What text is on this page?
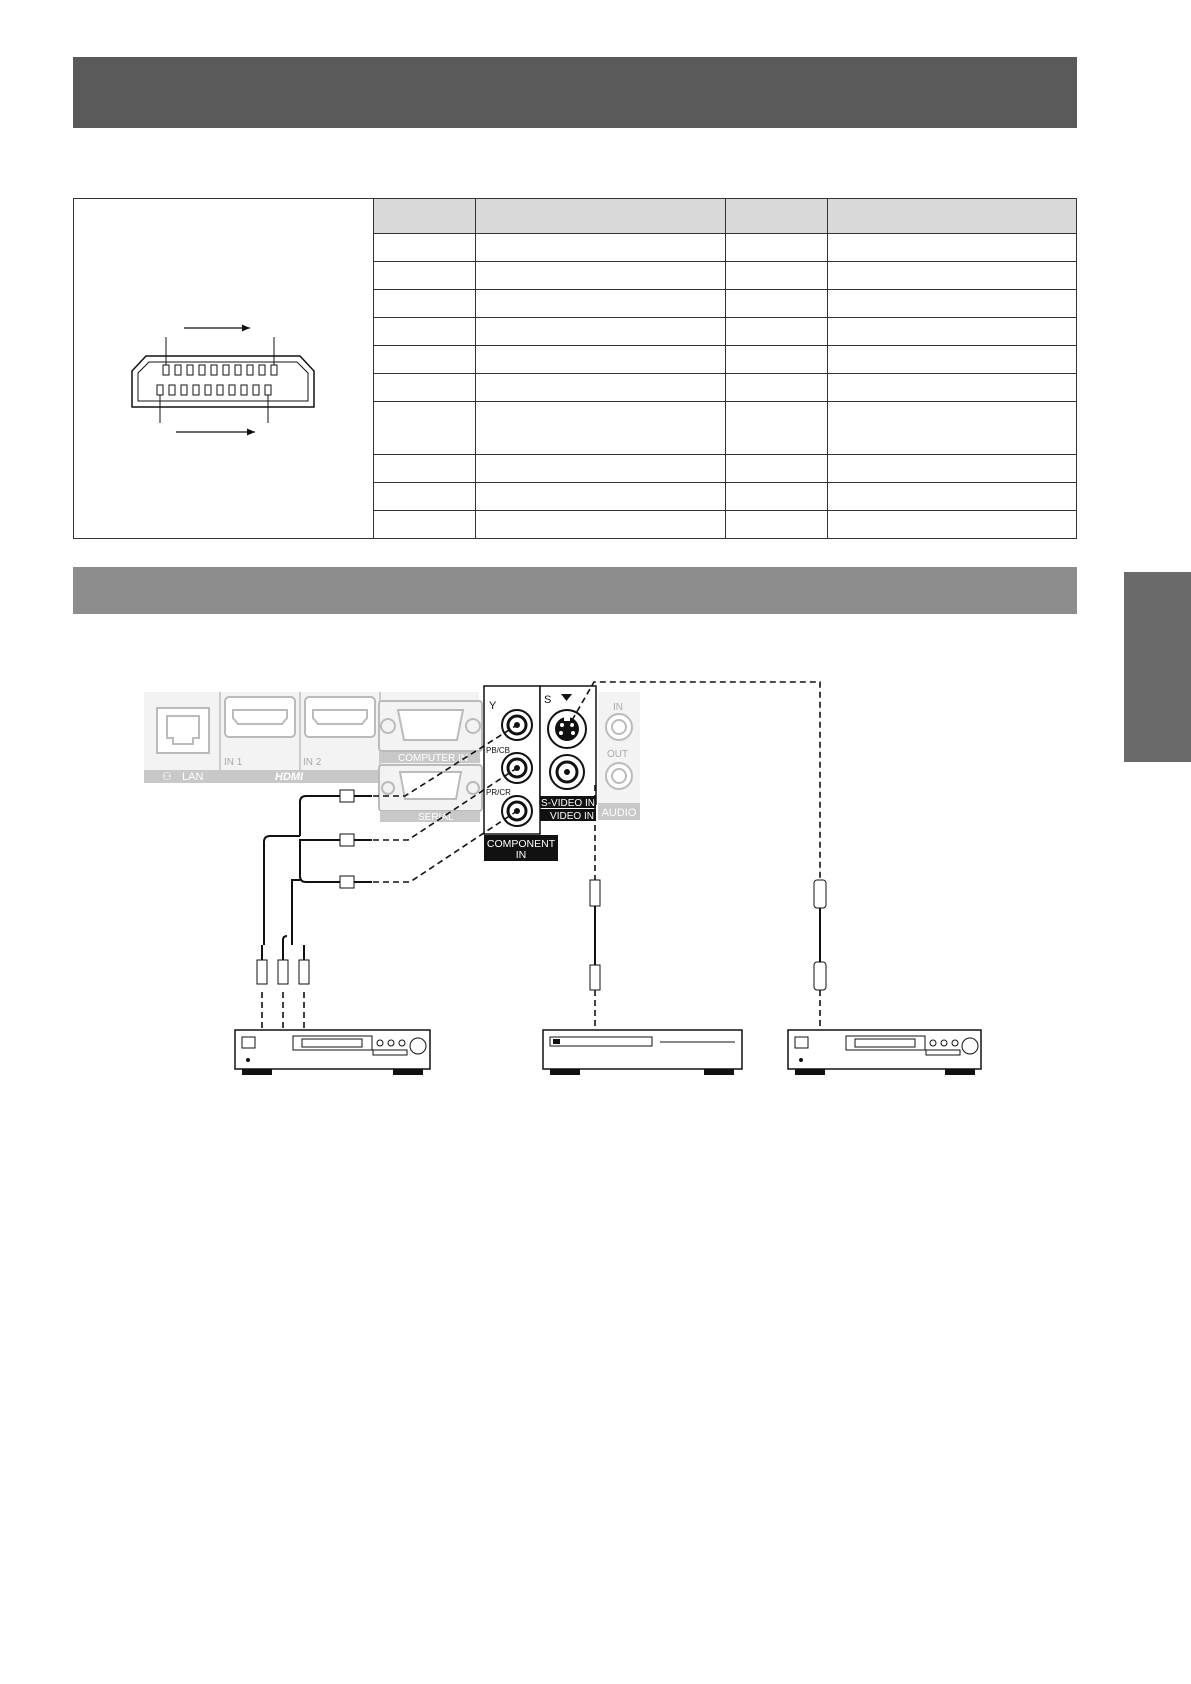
LAN
⚇
IN 1	IN 2
HDMI
COMPUTER IN
SERIAL
Y
PB/CB
PR/CR
COMPONENT
IN
S
S-VIDEO IN
VIDEO IN
IN
OUT
AUDIO
